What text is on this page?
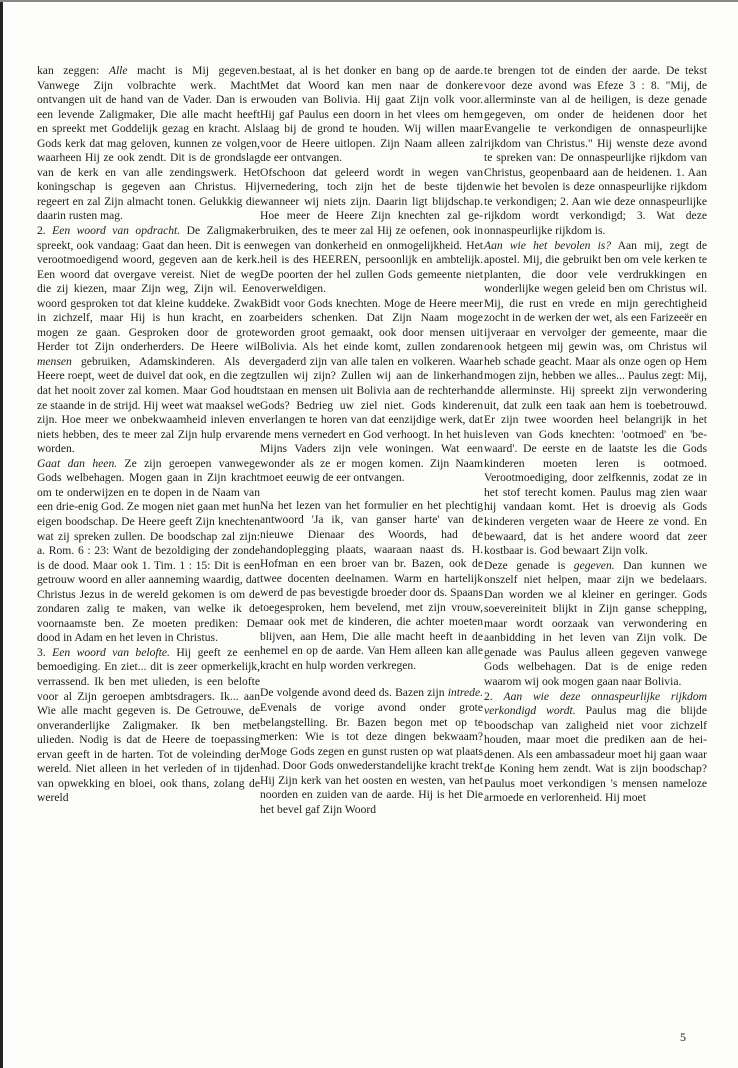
kan zeggen: Alle macht is Mij gegeven. Vanwege Zijn volbrachte werk. Macht ontvangen uit de hand van de Vader. Dan is er een levende Zaligmaker, Die alle macht heeft en spreekt met Goddelijk gezag en kracht. Als Gods kerk dat mag geloven, kunnen ze volgen, waarheen Hij ze ook zendt. Dit is de grondslag van de kerk en van alle zendingswerk. Het koningschap is gegeven aan Christus. Hij regeert en zal Zijn almacht tonen. Gelukkig die daarin rusten mag.

2. Een woord van opdracht. De Zaligmaker spreekt, ook vandaag: Gaat dan heen. Dit is een verootmoedigend woord, gegeven aan de kerk. Een woord dat overgave vereist. Niet de weg die zij kiezen, maar Zijn weg, Zijn wil. Een woord gesproken tot dat kleine kuddeke. Zwak in zichzelf, maar Hij is hun kracht, en zo mogen ze gaan. Gesproken door de grote Herder tot Zijn onderherders. De Heere wil mensen gebruiken, Adamskinderen. Als de Heere roept, weet de duivel dat ook, en die zegt dat het nooit zover zal komen. Maar God houdt ze staande in de strijd. Hij weet wat maaksel we zijn. Hoe meer we onbekwaamheid inleven en niets hebben, des te meer zal Zijn hulp ervaren worden.

Gaat dan heen. Ze zijn geroepen vanwege Gods welbehagen. Mogen gaan in Zijn kracht om te onderwijzen en te dopen in de Naam van een drie-enig God. Ze mogen niet gaan met hun eigen boodschap. De Heere geeft Zijn knechten wat zij spreken zullen. De boodschap zal zijn: a. Rom. 6 : 23: Want de bezoldiging der zonde is de dood. Maar ook 1. Tim. 1 : 15: Dit is een getrouw woord en aller aanneming waardig, dat Christus Jezus in de wereld gekomen is om de zondaren zalig te maken, van welke ik de voornaamste ben. Ze moeten prediken: De dood in Adam en het leven in Christus.

3. Een woord van belofte. Hij geeft ze een bemoediging. En ziet... dit is zeer opmerkelijk, verrassend. Ik ben met ulieden, is een belofte voor al Zijn geroepen ambtsdragers. Ik... aan Wie alle macht gegeven is. De Getrouwe, de onveranderlijke Zaligmaker. Ik ben met ulieden. Nodig is dat de Heere de toepassing ervan geeft in de harten. Tot de voleinding der wereld. Niet alleen in het verleden of in tijden van opwekking en bloei, ook thans, zolang de wereld

bestaat, al is het donker en bang op de aarde. Met dat Woord kan men naar de donkere wouden van Bolivia. Hij gaat Zijn volk voor. Hij gaf Paulus een doorn in het vlees om hem laag bij de grond te houden. Wij willen maar voor de Heere uitlopen. Zijn Naam alleen zal de eer ontvangen.

Ofschoon dat geleerd wordt in wegen van vernedering, toch zijn het de beste tijden wanneer wij niets zijn. Daarin ligt blijdschap. Hoe meer de Heere Zijn knechten zal gebruiken, des te meer zal Hij ze oefenen, ook in wegen van donkerheid en onmogelijkheid. Het heil is des HEEREN, persoonlijk en ambtelijk. De poorten der hel zullen Gods gemeente niet overweldigen.

Bidt voor Gods knechten. Moge de Heere meer arbeiders schenken. Dat Zijn Naam moge worden groot gemaakt, ook door mensen uit Bolivia. Als het einde komt, zullen zondaren vergaderd zijn van alle talen en volkeren. Waar zullen wij zijn? Zullen wij aan de linkerhand staan en mensen uit Bolivia aan de rechterhand Gods? Bedrieg uw ziel niet. Gods kinderen verlangen te horen van dat eenzijdige werk, dat de mens vernedert en God verhoogt. In het huis Mijns Vaders zijn vele woningen. Wat een wonder als ze er mogen komen. Zijn Naam moet eeuwig de eer ontvangen.

Na het lezen van het formulier en het plechtig antwoord 'Ja ik, van ganser harte' van de nieuwe Dienaar des Woords, had de handoplegging plaats, waaraan naast ds. H. Hofman en een broer van br. Bazen, ook de twee docenten deelnamen. Warm en hartelijk werd de pas bevestigde broeder door ds. Spaans toegesproken, hem bevelend, met zijn vrouw, maar ook met de kinderen, die achter moeten blijven, aan Hem, Die alle macht heeft in de hemel en op de aarde. Van Hem alleen kan alle kracht en hulp worden verkregen.

De volgende avond deed ds. Bazen zijn intrede. Evenals de vorige avond onder grote belangstelling. Br. Bazen begon met op te merken: Wie is tot deze dingen bekwaam? Moge Gods zegen en gunst rusten op wat plaats had. Door Gods onwederstandelijke kracht trekt Hij Zijn kerk van het oosten en westen, van het noorden en zuiden van de aarde. Hij is het Die het bevel gaf Zijn Woord

te brengen tot de einden der aarde. De tekst voor deze avond was Efeze 3 : 8. "Mij, de allerminste van al de heiligen, is deze genade gegeven, om onder de heidenen door het Evangelie te verkondigen de onnaspeurlijke rijkdom van Christus." Hij wenste deze avond te spreken van: De onnaspeurlijke rijkdom van Christus, geopenbaard aan de heidenen. 1. Aan wie het bevolen is deze onnaspeurlijke rijkdom te verkondigen; 2. Aan wie deze onnaspeurlijke rijkdom wordt verkondigd; 3. Wat deze onnaspeurlijke rijkdom is.

Aan wie het bevolen is? Aan mij, zegt de apostel. Mij, die gebruikt ben om vele kerken te planten, die door vele verdrukkingen en wonderlijke wegen geleid ben om Christus wil. Mij, die rust en vrede en mijn gerechtigheid zocht in de werken der wet, als een Farizeeër en ijveraar en vervolger der gemeente, maar die ook hetgeen mij gewin was, om Christus wil heb schade geacht. Maar als onze ogen op Hem mogen zijn, hebben we alles... Paulus zegt: Mij, de allerminste. Hij spreekt zijn verwondering uit, dat zulk een taak aan hem is toebetrouwd. Er zijn twee woorden heel belangrijk in het leven van Gods knechten: 'ootmoed' en 'bewaard'. De eerste en de laatste les die Gods kinderen moeten leren is ootmoed. Verootmoediging, door zelfkennis, zodat ze in het stof terecht komen. Paulus mag zien waar hij vandaan komt. Het is droevig als Gods kinderen vergeten waar de Heere ze vond. En bewaard, dat is het andere woord dat zeer kostbaar is. God bewaart Zijn volk.

Deze genade is gegeven. Dan kunnen we onszelf niet helpen, maar zijn we bedelaars. Dan worden we al kleiner en geringer. Gods soevereiniteit blijkt in Zijn ganse schepping, maar wordt oorzaak van verwondering en aanbidding in het leven van Zijn volk. De genade was Paulus alleen gegeven vanwege Gods welbehagen. Dat is de enige reden waarom wij ook mogen gaan naar Bolivia.

2. Aan wie deze onnaspeurlijke rijkdom verkondigd wordt. Paulus mag die blijde boodschap van zaligheid niet voor zichzelf houden, maar moet die prediken aan de heidenen. Als een ambassadeur moet hij gaan waar de Koning hem zendt. Wat is zijn boodschap? Paulus moet verkondigen 's mensen nameloze armoede en verlorenheid. Hij moet

5
